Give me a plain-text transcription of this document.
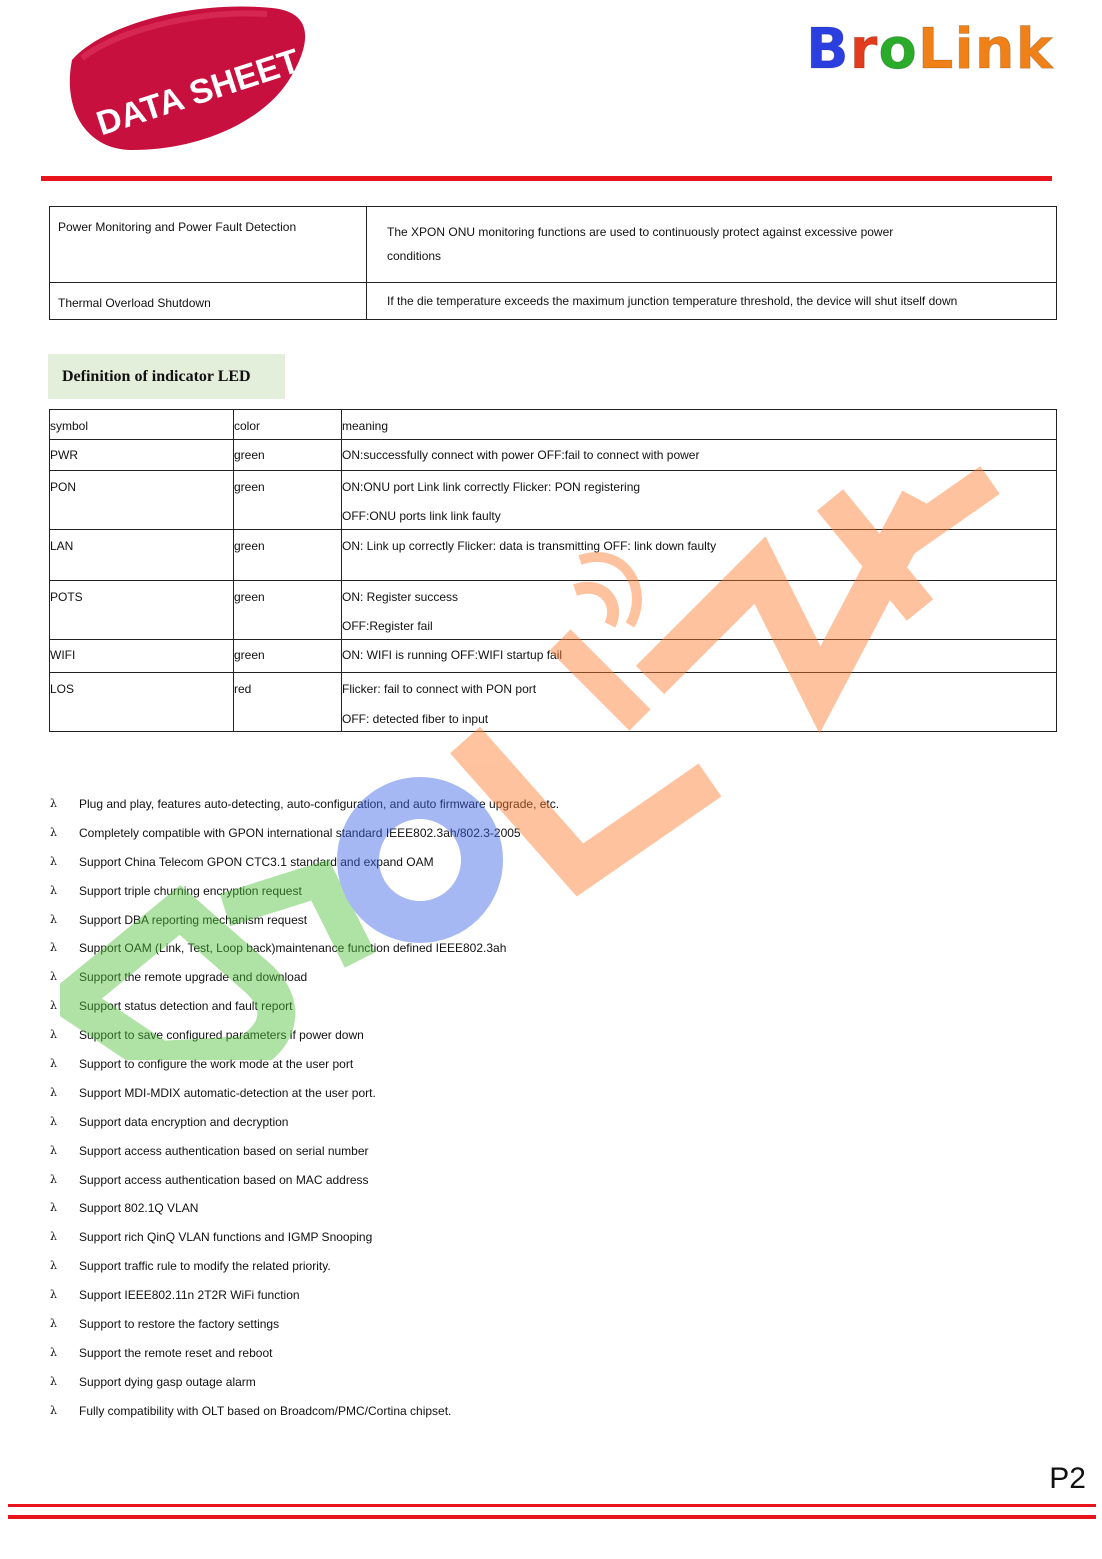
DATA SHEET	B r o L i n k
Power Monitoring and Power Fault Detection	The XPON ONU monitoring functions are used to continuously protect against excessive power
conditions

Thermal Overload Shutdown	If the die temperature exceeds the maximum junction temperature threshold, the device will shut itself down
Definition of indicator LED
symbol	color	meaning

PWR	green	ON:successfully connect with power OFF:fail to connect with power

PON	green	ON:ONU port Link link correctly Flicker: PON registering
OFF:ONU ports link link faulty

LAN	green	ON: Link up correctly Flicker: data is transmitting OFF: link down faulty

POTS	green	ON: Register success
OFF:Register fail

WIFI	green	ON: WIFI is running OFF:WIFI startup fail

LOS	red	Flicker: fail to connect with PON port
OFF: detected fiber to input
λ	Plug and play, features auto-detecting, auto-configuration, and auto firmware upgrade, etc.
λ	Completely compatible with GPON international standard IEEE802.3ah/802.3-2005
λ	Support China Telecom GPON CTC3.1 standard and expand OAM
λ	Support triple churning encryption request
λ	Support DBA reporting mechanism request
λ	Support OAM (Link, Test, Loop back)maintenance function defined IEEE802.3ah
λ	Support the remote upgrade and download
λ	Support status detection and fault report
λ	Support to save configured parameters if power down
λ	Support to configure the work mode at the user port
λ	Support MDI-MDIX automatic-detection at the user port.
λ	Support data encryption and decryption
λ	Support access authentication based on serial number
λ	Support access authentication based on MAC address
λ	Support 802.1Q VLAN
λ	Support rich QinQ VLAN functions and IGMP Snooping
λ	Support traffic rule to modify the related priority.
λ	Support IEEE802.11n 2T2R WiFi function
λ	Support to restore the factory settings
λ	Support the remote reset and reboot
λ	Support dying gasp outage alarm
λ	Fully compatibility with OLT based on Broadcom/PMC/Cortina chipset.
P2
